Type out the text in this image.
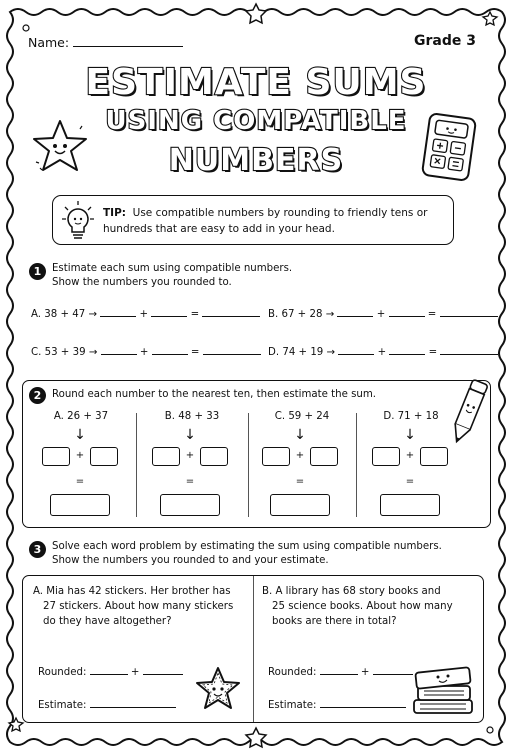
Name:	Grade 3
ESTIMATE SUMS
USING COMPATIBLE
NUMBERS
TIP: Use compatible numbers by rounding to friendly tens or hundreds that are easy to add in your head.
1	Estimate each sum using compatible numbers.
Show the numbers you rounded to.
A. 38 + 47 →	+	=	B. 67 + 28 →	+	=
C. 53 + 39 →	+	=	D. 74 + 19 →	+	=
2	Round each number to the nearest ten, then estimate the sum.
A. 26 + 37
↓
+
=
B. 48 + 33
↓
+
=
C. 59 + 24
↓
+
=
D. 71 + 18
↓
+
=
3	Solve each word problem by estimating the sum using compatible numbers.
Show the numbers you rounded to and your estimate.
A. Mia has 42 stickers. Her brother has
27 stickers. About how many stickers
do they have altogether?
Rounded:	+
Estimate:
B. A library has 68 story books and
25 science books. About how many
books are there in total?
Rounded:	+
Estimate:
